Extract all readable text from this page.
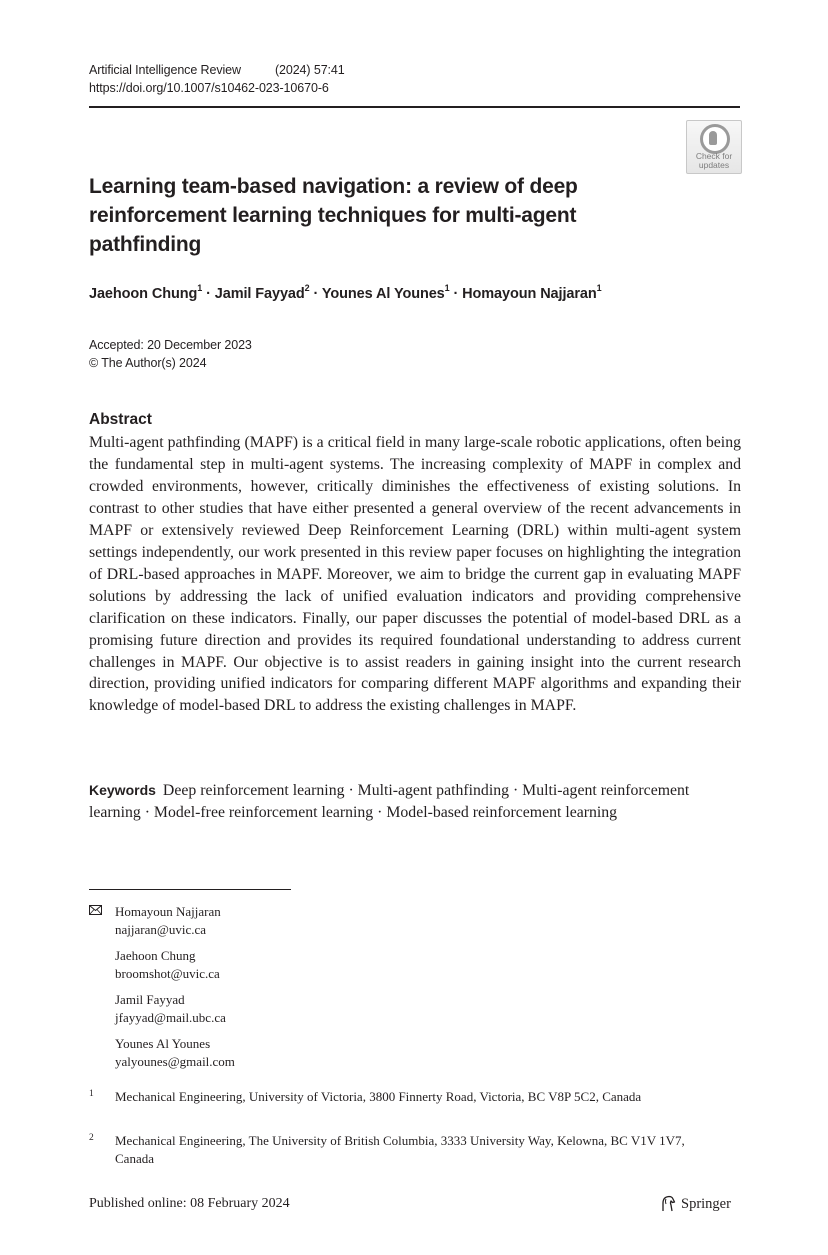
Artificial Intelligence Review	(2024) 57:41
https://doi.org/10.1007/s10462-023-10670-6
Check for updates
Learning team-based navigation: a review of deep reinforcement learning techniques for multi-agent pathfinding
Jaehoon Chung$^1$ · Jamil Fayyad$^2$ · Younes Al Younes$^1$ · Homayoun Najjaran$^1$
Accepted: 20 December 2023
© The Author(s) 2024
Abstract
Multi-agent pathfinding (MAPF) is a critical field in many large-scale robotic applications, often being the fundamental step in multi-agent systems. The increasing complexity of MAPF in complex and crowded environments, however, critically diminishes the effectiveness of existing solutions. In contrast to other studies that have either presented a general overview of the recent advancements in MAPF or extensively reviewed Deep Reinforcement Learning (DRL) within multi-agent system settings independently, our work presented in this review paper focuses on highlighting the integration of DRL-based approaches in MAPF. Moreover, we aim to bridge the current gap in evaluating MAPF solutions by addressing the lack of unified evaluation indicators and providing comprehensive clarification on these indicators. Finally, our paper discusses the potential of model-based DRL as a promising future direction and provides its required foundational understanding to address current challenges in MAPF. Our objective is to assist readers in gaining insight into the current research direction, providing unified indicators for comparing different MAPF algorithms and expanding their knowledge of model-based DRL to address the existing challenges in MAPF.
Keywords Deep reinforcement learning · Multi-agent pathfinding · Multi-agent reinforcement learning · Model-free reinforcement learning · Model-based reinforcement learning
Homayoun Najjaran
najjaran@uvic.ca
Jaehoon Chung
broomshot@uvic.ca
Jamil Fayyad
jfayyad@mail.ubc.ca
Younes Al Younes
yalyounes@gmail.com
1 Mechanical Engineering, University of Victoria, 3800 Finnerty Road, Victoria, BC V8P 5C2, Canada
2 Mechanical Engineering, The University of British Columbia, 3333 University Way, Kelowna, BC V1V 1V7, Canada
Published online: 08 February 2024	Springer
